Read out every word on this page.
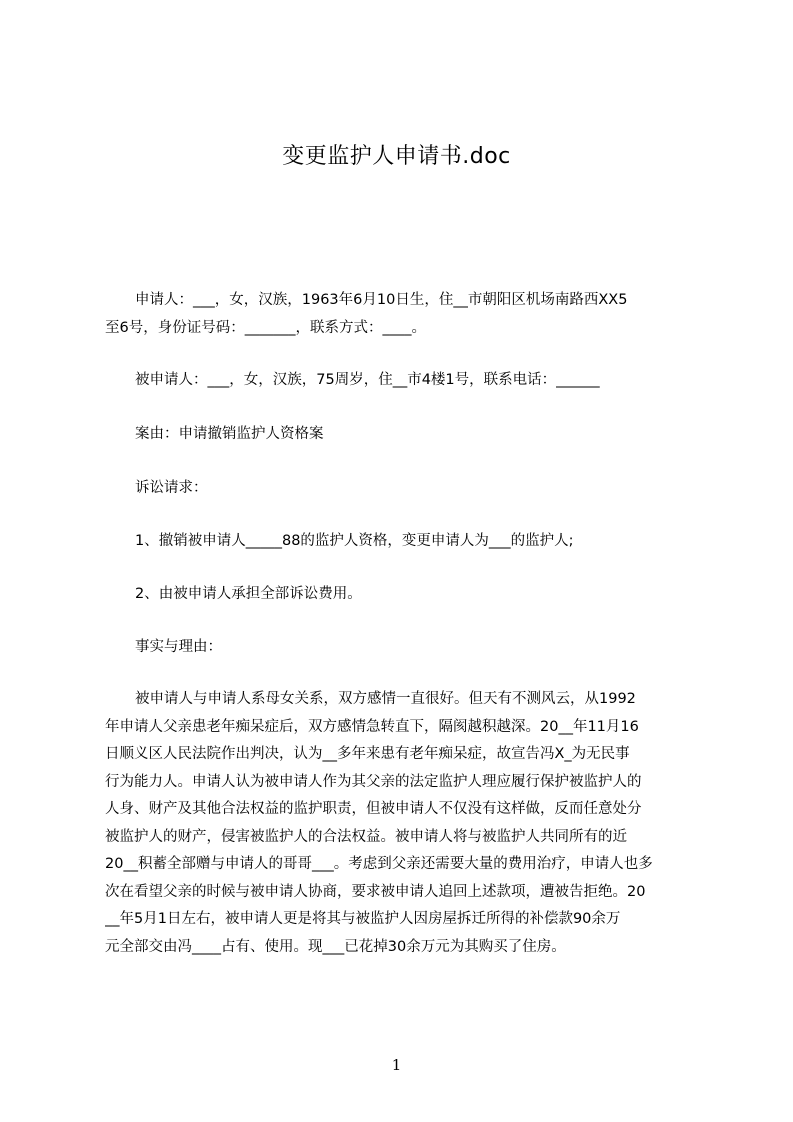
变更监护人申请书.doc
申请人：___，女，汉族，1963年6月10日生，住__市朝阳区机场南路西XX5
至6号，身份证号码：_______，联系方式：____。
被申请人：___，女，汉族，75周岁，住__市4楼1号，联系电话：______
案由：申请撤销监护人资格案
诉讼请求：
1、撤销被申请人_____88的监护人资格，变更申请人为___的监护人;
2、由被申请人承担全部诉讼费用。
事实与理由：
被申请人与申请人系母女关系，双方感情一直很好。但天有不测风云，从1992
年申请人父亲患老年痴呆症后，双方感情急转直下，隔阂越积越深。20__年11月16
日顺义区人民法院作出判决，认为__多年来患有老年痴呆症，故宣告冯X_为无民事
行为能力人。申请人认为被申请人作为其父亲的法定监护人理应履行保护被监护人的
人身、财产及其他合法权益的监护职责，但被申请人不仅没有这样做，反而任意处分
被监护人的财产，侵害被监护人的合法权益。被申请人将与被监护人共同所有的近
20__积蓄全部赠与申请人的哥哥___。考虑到父亲还需要大量的费用治疗，申请人也多
次在看望父亲的时候与被申请人协商，要求被申请人追回上述款项，遭被告拒绝。20
__年5月1日左右，被申请人更是将其与被监护人因房屋拆迁所得的补偿款90余万
元全部交由冯____占有、使用。现___已花掉30余万元为其购买了住房。
1
